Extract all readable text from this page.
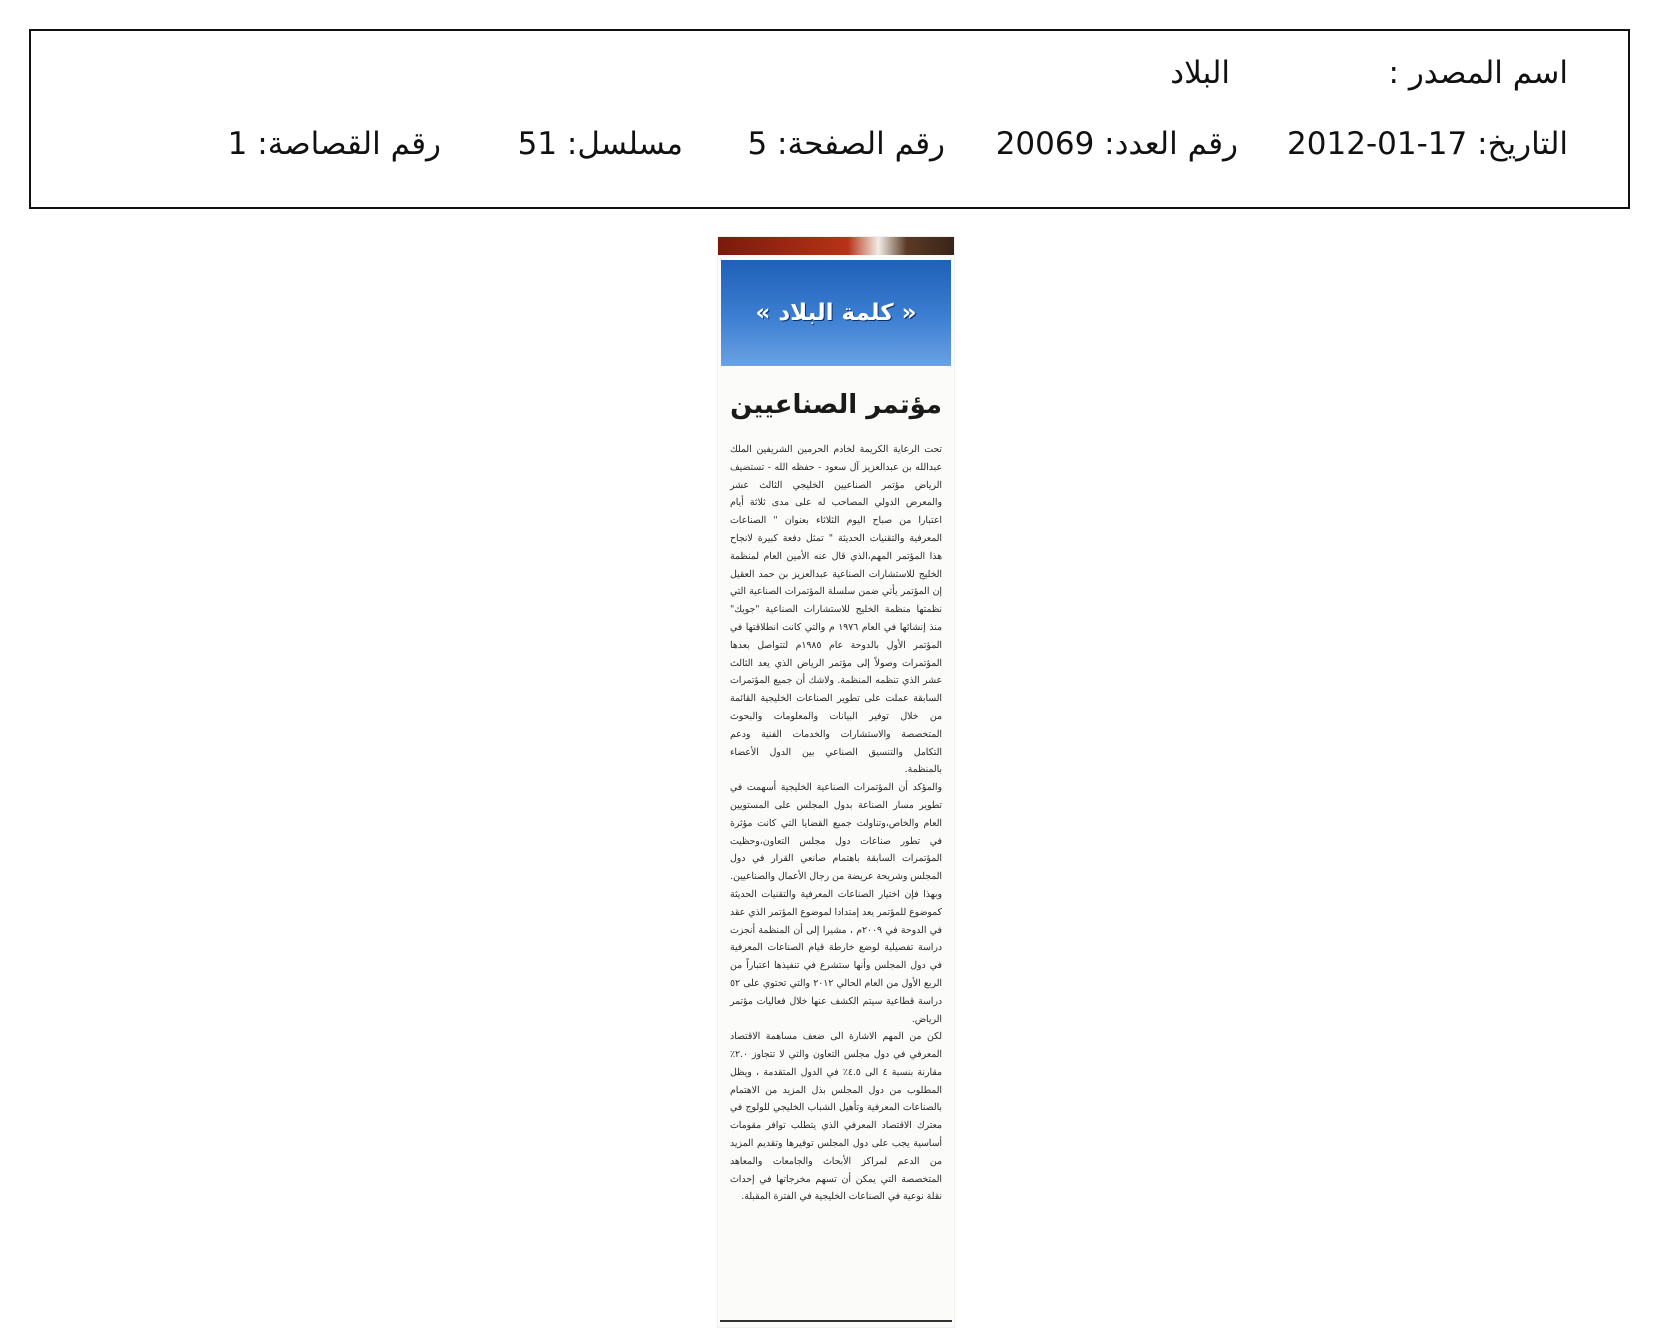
اسم المصدر :
البلاد
التاريخ: 17-01-2012
رقم العدد: 20069
رقم الصفحة: 5
مسلسل: 51
رقم القصاصة: 1
« كلمة البلاد »
مؤتمر الصناعيين

تحت الرعاية الكريمة لخادم الحرمين الشريفين الملك عبدالله بن عبدالعزيز آل سعود - حفظه الله - تستضيف الرياض مؤتمر الصناعيين الخليجي الثالث عشر والمعرض الدولي المصاحب له على مدى ثلاثة أيام اعتبارا من صباح اليوم الثلاثاء بعنوان " الصناعات المعرفية والتقنيات الحديثة " تمثل دفعة كبيرة لانجاح هذا المؤتمر المهم،الذي قال عنه الأمين العام لمنظمة الخليج للاستشارات الصناعية عبدالعزيز بن حمد العقيل إن المؤتمر يأتي ضمن سلسلة المؤتمرات الصناعية التي نظمتها منظمة الخليج للاستشارات الصناعية "جويك" منذ إنشائها في العام ١٩٧٦ م والتي كانت انطلاقتها في المؤتمر الأول بالدوحة عام ١٩٨٥م لتتواصل بعدها المؤتمرات وصولاً إلى مؤتمر الرياض الذي يعد الثالث عشر الذي تنظمه المنظمة. ولاشك أن جميع المؤتمرات السابقة عملت على تطوير الصناعات الخليجية القائمة من خلال توفير البيانات والمعلومات والبحوث المتخصصة والاستشارات والخدمات الفنية ودعم التكامل والتنسيق الصناعي بين الدول الأعضاء بالمنظمة.

والمؤكد أن المؤتمرات الصناعية الخليجية أسهمت في تطوير مسار الصناعة بدول المجلس على المستويين العام والخاص،وتناولت جميع القضايا التي كانت مؤثرة في تطور صناعات دول مجلس التعاون،وحظيت المؤتمرات السابقة باهتمام صانعي القرار في دول المجلس وشريحة عريضة من رجال الأعمال والصناعيين.

وبهذا فإن اختيار الصناعات المعرفية والتقنيات الحديثة كموضوع للمؤتمر يعد إمتدادا لموضوع المؤتمر الذي عقد في الدوحة في ٢٠٠٩م ، مشيرا إلى أن المنظمة أنجزت دراسة تفصيلية لوضع خارطة قيام الصناعات المعرفية في دول المجلس وأنها ستشرع في تنفيذها اعتباراً من الربع الأول من العام الحالي ٢٠١٢ والتي تحتوي على ٥٢ دراسة قطاعية سيتم الكشف عنها خلال فعاليات مؤتمر الرياض.

لكن من المهم الاشارة الى ضعف مساهمة الاقتصاد المعرفي في دول مجلس التعاون والتي لا تتجاوز ٢.٠٪ مقارنة بنسبة ٤ الى ٤.٥٪ في الدول المتقدمة ، ويظل المطلوب من دول المجلس بذل المزيد من الاهتمام بالصناعات المعرفية وتأهيل الشباب الخليجي للولوج في معترك الاقتصاد المعرفي الذي يتطلب توافر مقومات أساسية يجب على دول المجلس توفيرها وتقديم المزيد من الدعم لمراكز الأبحاث والجامعات والمعاهد المتخصصة التي يمكن أن تسهم مخرجاتها في إحداث نقلة نوعية في الصناعات الخليجية في الفترة المقبلة.
